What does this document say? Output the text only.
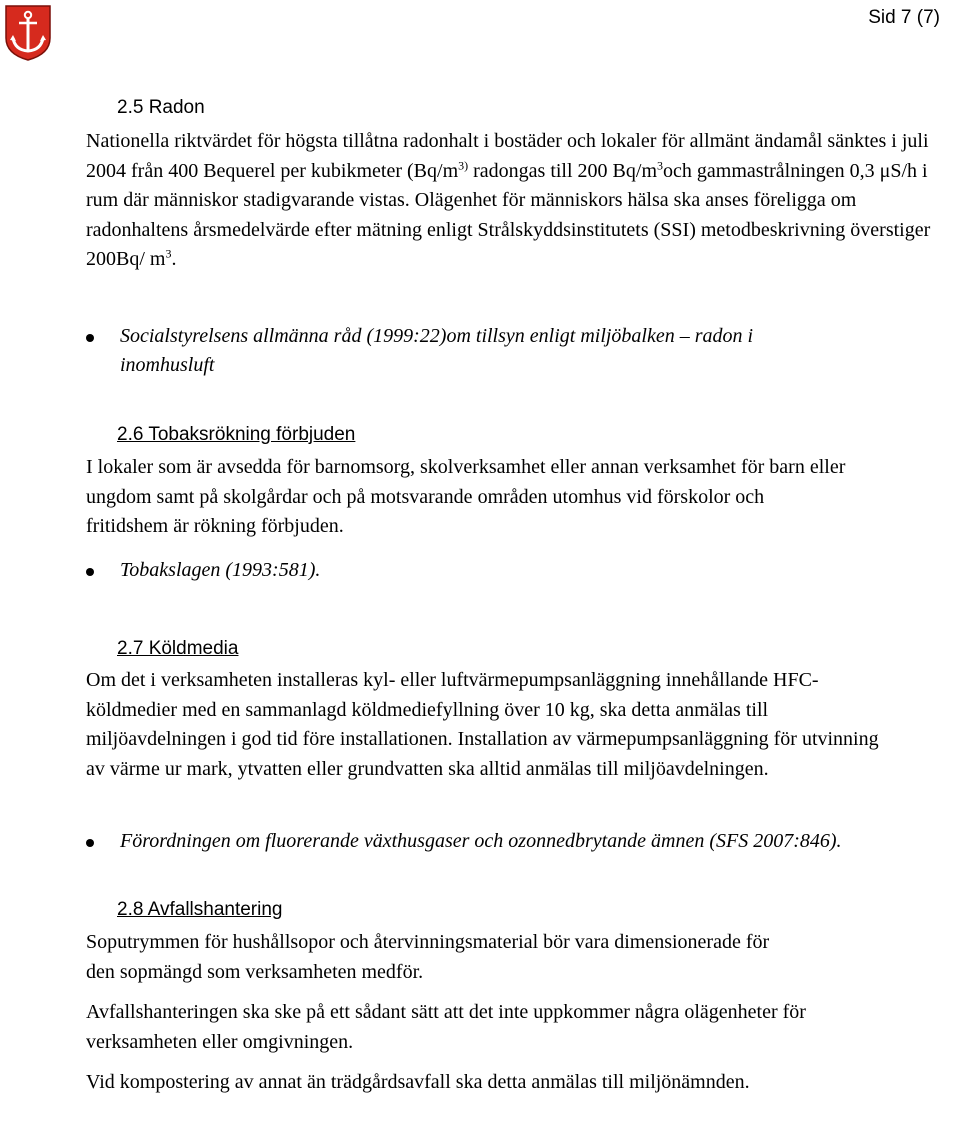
Sid 7 (7)
2.5 Radon
Nationella riktvärdet för högsta tillåtna radonhalt i bostäder och lokaler för allmänt ändamål sänktes i juli 2004 från 400 Bequerel per kubikmeter ($Bq/m^{3)}$ radongas till 200 $Bq/m^3och$ gammastrålningen 0,3 μS/h i rum där människor stadigvarande vistas. Olägenhet för människors hälsa ska anses föreligga om radonhaltens årsmedelvärde efter mätning enligt Strålskyddsinstitutets (SSI) metodbeskrivning överstiger 200Bq/ $m^3$.
Socialstyrelsens allmänna råd (1999:22)om tillsyn enligt miljöbalken – radon i inomhusluft
2.6 Tobaksrökning förbjuden
I lokaler som är avsedda för barnomsorg, skolverksamhet eller annan verksamhet för barn eller ungdom samt på skolgårdar och på motsvarande områden utomhus vid förskolor och fritidshem är rökning förbjuden.
Tobakslagen (1993:581).
2.7 Köldmedia
Om det i verksamheten installeras kyl- eller luftvärmepumpsanläggning innehållande HFC- köldmedier med en sammanlagd köldmediefyllning över 10 kg, ska detta anmälas till miljöavdelningen i god tid före installationen. Installation av värmepumpsanläggning för utvinning av värme ur mark, ytvatten eller grundvatten ska alltid anmälas till miljöavdelningen.
Förordningen om fluorerande växthusgaser och ozonnedbrytande ämnen (SFS 2007:846).
2.8 Avfallshantering
Soputrymmen för hushållsopor och återvinningsmaterial bör vara dimensionerade för den sopmängd som verksamheten medför.
Avfallshanteringen ska ske på ett sådant sätt att det inte uppkommer några olägenheter för verksamheten eller omgivningen.
Vid kompostering av annat än trädgårdsavfall ska detta anmälas till miljönämnden.
